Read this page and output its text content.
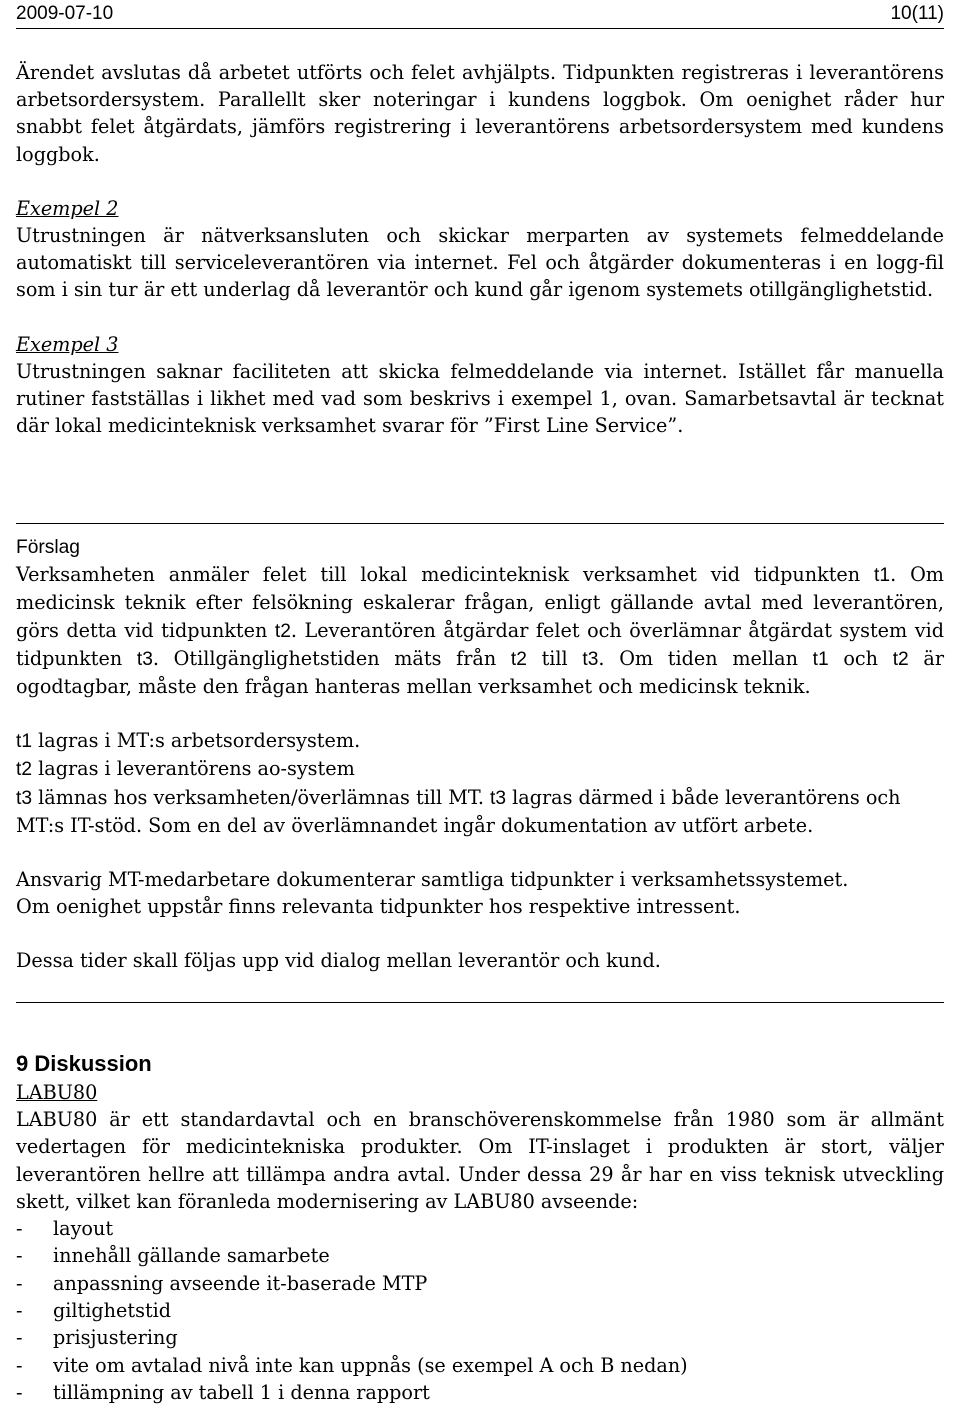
2009-07-10	10(11)

Ärendet avslutas då arbetet utförts och felet avhjälpts. Tidpunkten registreras i leverantörens arbetsordersystem. Parallellt sker noteringar i kundens loggbok. Om oenighet råder hur snabbt felet åtgärdats, jämförs registrering i leverantörens arbetsordersystem med kundens loggbok.

Exempel 2

Utrustningen är nätverksansluten och skickar merparten av systemets felmeddelande automatiskt till serviceleverantören via internet. Fel och åtgärder dokumenteras i en logg-fil som i sin tur är ett underlag då leverantör och kund går igenom systemets otillgänglighetstid.

Exempel 3

Utrustningen saknar faciliteten att skicka felmeddelande via internet. Istället får manuella rutiner fastställas i likhet med vad som beskrivs i exempel 1, ovan. Samarbetsavtal är tecknat där lokal medicinteknisk verksamhet svarar för ”First Line Service”.

Förslag

Verksamheten anmäler felet till lokal medicinteknisk verksamhet vid tidpunkten t1. Om medicinsk teknik efter felsökning eskalerar frågan, enligt gällande avtal med leverantören, görs detta vid tidpunkten t2. Leverantören åtgärdar felet och överlämnar åtgärdat system vid tidpunkten t3. Otillgänglighetstiden mäts från t2 till t3. Om tiden mellan t1 och t2 är ogodtagbar, måste den frågan hanteras mellan verksamhet och medicinsk teknik.

t1 lagras i MT:s arbetsordersystem.
t2 lagras i leverantörens ao-system
t3 lämnas hos verksamheten/överlämnas till MT. t3 lagras därmed i både leverantörens och MT:s IT-stöd. Som en del av överlämnandet ingår dokumentation av utfört arbete.

Ansvarig MT-medarbetare dokumenterar samtliga tidpunkter i verksamhetssystemet.
Om oenighet uppstår finns relevanta tidpunkter hos respektive intressent.

Dessa tider skall följas upp vid dialog mellan leverantör och kund.

9 Diskussion
LABU80

LABU80 är ett standardavtal och en branschöverenskommelse från 1980 som är allmänt vedertagen för medicintekniska produkter. Om IT-inslaget i produkten är stort, väljer leverantören hellre att tillämpa andra avtal. Under dessa 29 år har en viss teknisk utveckling skett, vilket kan föranleda modernisering av LABU80 avseende:

- layout
- innehåll gällande samarbete
- anpassning avseende it-baserade MTP
- giltighetstid
- prisjustering
- vite om avtalad nivå inte kan uppnås (se exempel A och B nedan)
- tillämpning av tabell 1 i denna rapport
